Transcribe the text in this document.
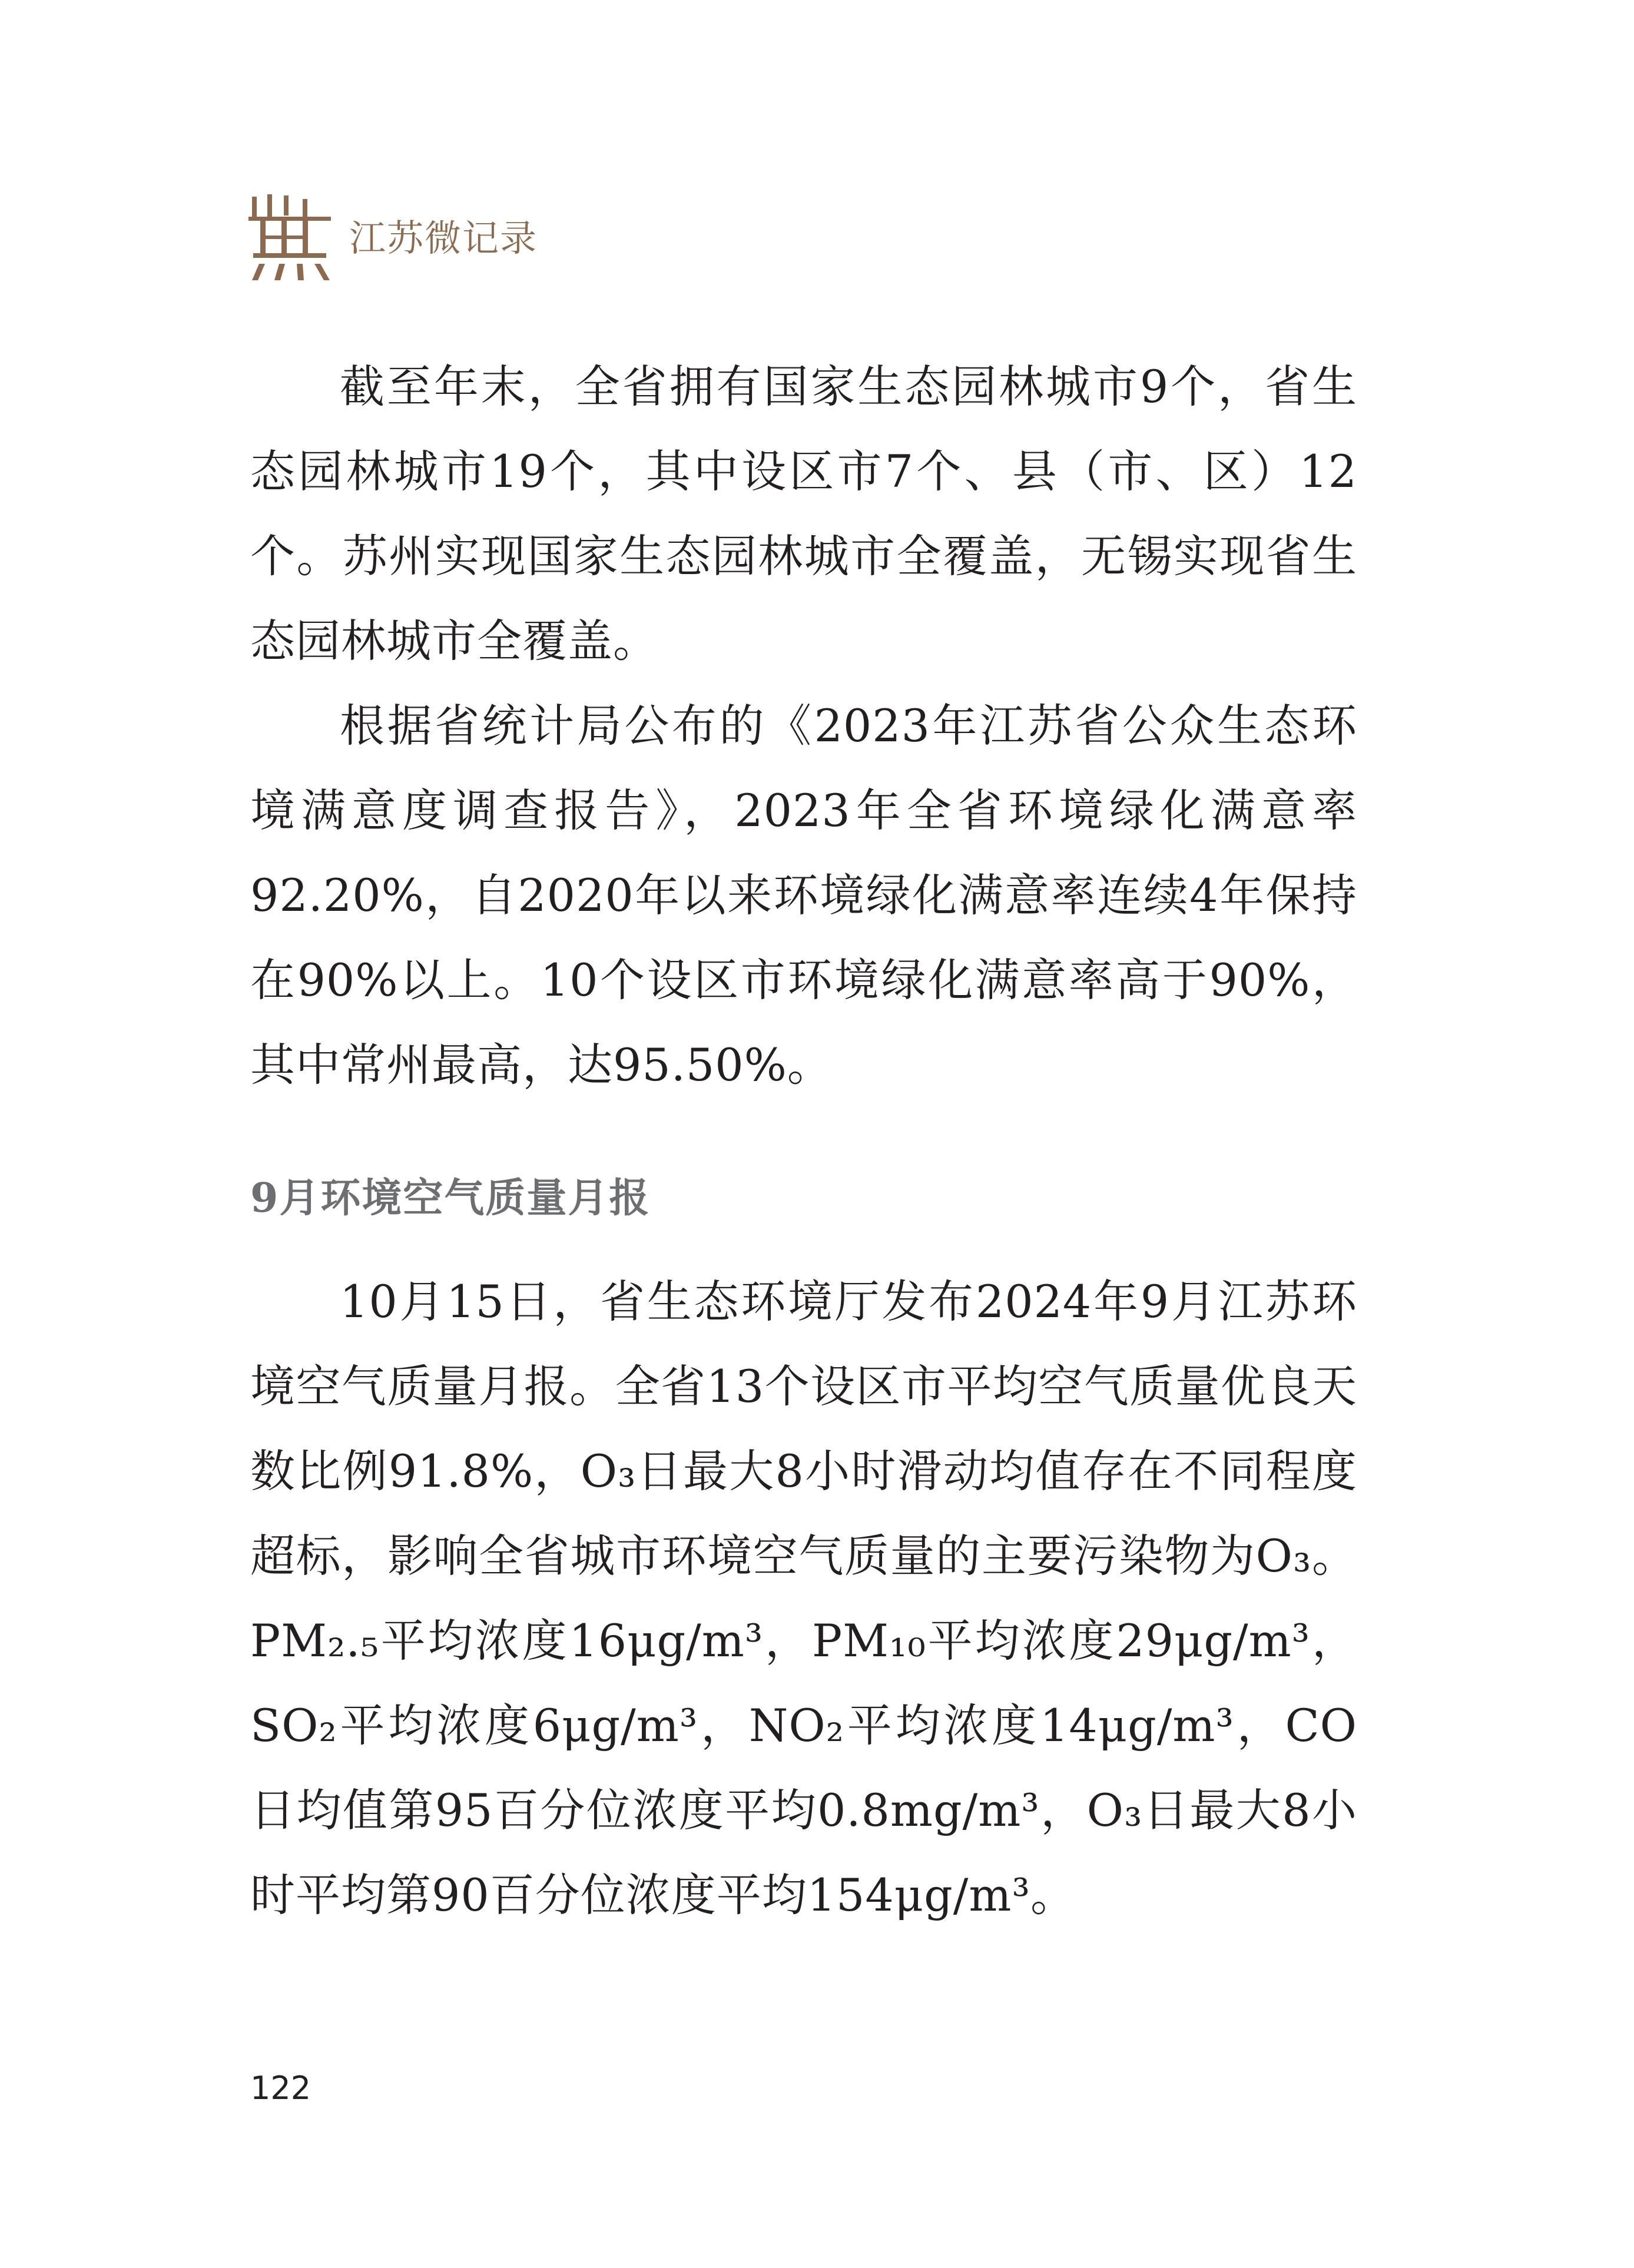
江苏微记录

截至年末，全省拥有国家生态园林城市9个，省生态园林城市19个，其中设区市7个、县（市、区）12个。苏州实现国家生态园林城市全覆盖，无锡实现省生态园林城市全覆盖。

根据省统计局公布的《2023年江苏省公众生态环境满意度调查报告》，2023年全省环境绿化满意率92.20%，自2020年以来环境绿化满意率连续4年保持在90%以上。10个设区市环境绿化满意率高于90%，其中常州最高，达95.50%。

9月环境空气质量月报

10月15日，省生态环境厅发布2024年9月江苏环境空气质量月报。全省13个设区市平均空气质量优良天数比例91.8%，O₃日最大8小时滑动均值存在不同程度超标，影响全省城市环境空气质量的主要污染物为O₃。PM₂.₅平均浓度16μg/m³，PM₁₀平均浓度29μg/m³，SO₂平均浓度6μg/m³，NO₂平均浓度14μg/m³，CO日均值第95百分位浓度平均0.8mg/m³，O₃日最大8小时平均第90百分位浓度平均154μg/m³。

122
